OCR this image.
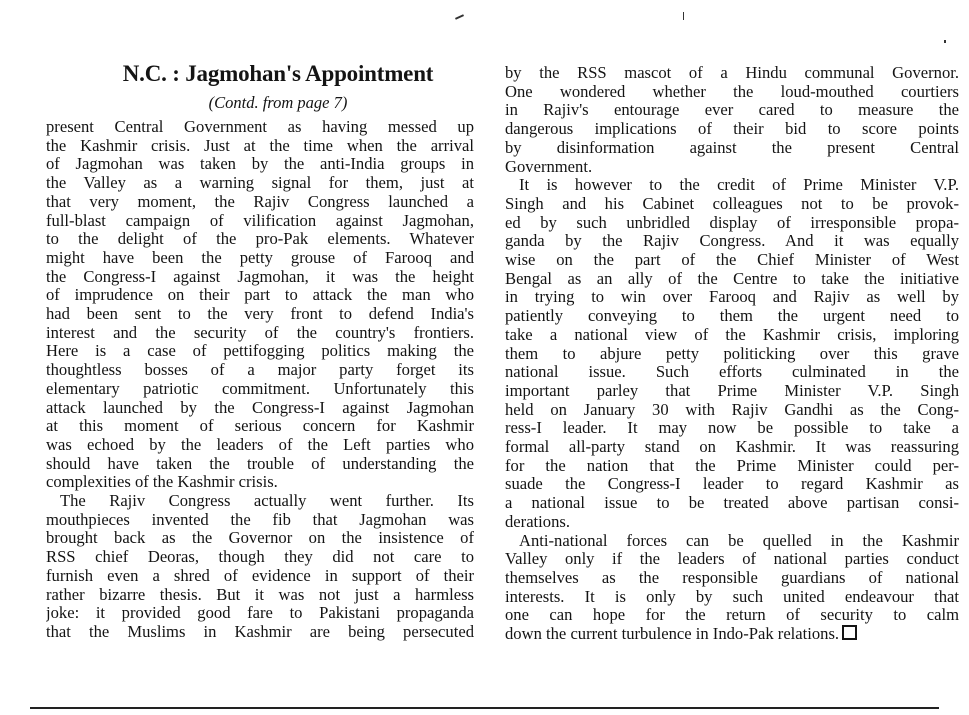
N.C. : Jagmohan's Appointment
(Contd. from page 7)

present Central Government as having messed up
the Kashmir crisis. Just at the time when the arrival
of Jagmohan was taken by the anti-India groups in
the Valley as a warning signal for them, just at
that very moment, the Rajiv Congress launched a
full-blast campaign of vilification against Jagmohan,
to the delight of the pro-Pak elements. Whatever
might have been the petty grouse of Farooq and
the Congress-I against Jagmohan, it was the height
of imprudence on their part to attack the man who
had been sent to the very front to defend India's
interest and the security of the country's frontiers.
Here is a case of pettifogging politics making the
thoughtless bosses of a major party forget its
elementary patriotic commitment. Unfortunately this
attack launched by the Congress-I against Jagmohan
at this moment of serious concern for Kashmir
was echoed by the leaders of the Left parties who
should have taken the trouble of understanding the
complexities of the Kashmir crisis.

The Rajiv Congress actually went further. Its
mouthpieces invented the fib that Jagmohan was
brought back as the Governor on the insistence of
RSS chief Deoras, though they did not care to
furnish even a shred of evidence in support of their
rather bizarre thesis. But it was not just a harmless
joke: it provided good fare to Pakistani propaganda
that the Muslims in Kashmir are being persecuted

by the RSS mascot of a Hindu communal Governor.
One wondered whether the loud-mouthed courtiers
in Rajiv's entourage ever cared to measure the
dangerous implications of their bid to score points
by disinformation against the present Central
Government.

It is however to the credit of Prime Minister V.P.
Singh and his Cabinet colleagues not to be provok-
ed by such unbridled display of irresponsible propa-
ganda by the Rajiv Congress. And it was equally
wise on the part of the Chief Minister of West
Bengal as an ally of the Centre to take the initiative
in trying to win over Farooq and Rajiv as well by
patiently conveying to them the urgent need to
take a national view of the Kashmir crisis, imploring
them to abjure petty politicking over this grave
national issue. Such efforts culminated in the
important parley that Prime Minister V.P. Singh
held on January 30 with Rajiv Gandhi as the Cong-
ress-I leader. It may now be possible to take a
formal all-party stand on Kashmir. It was reassuring
for the nation that the Prime Minister could per-
suade the Congress-I leader to regard Kashmir as
a national issue to be treated above partisan consi-
derations.

Anti-national forces can be quelled in the Kashmir
Valley only if the leaders of national parties conduct
themselves as the responsible guardians of national
interests. It is only by such united endeavour that
one can hope for the return of security to calm
down the current turbulence in Indo-Pak relations.
